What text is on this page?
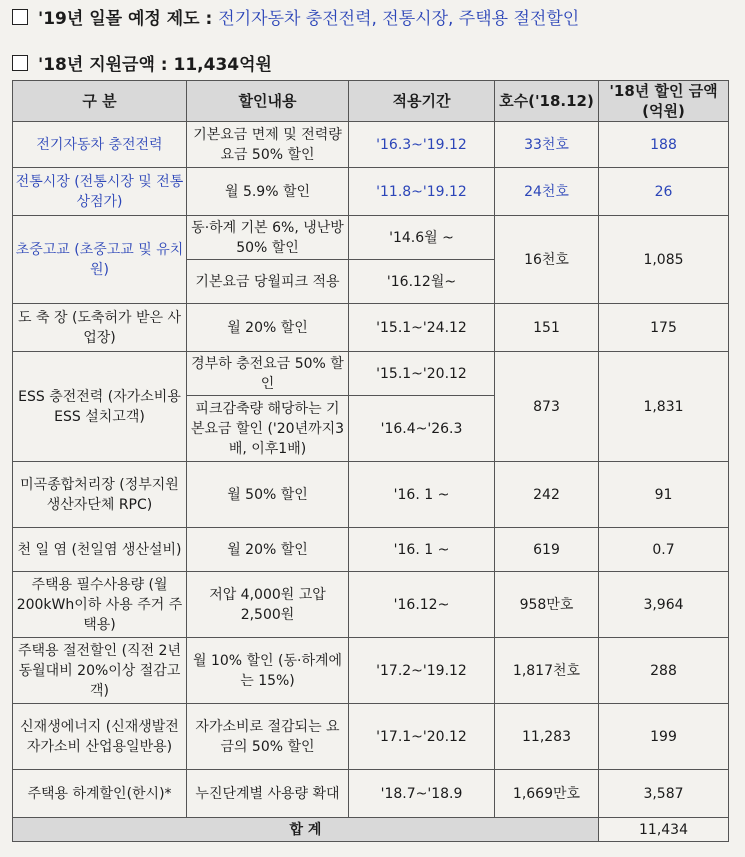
'19년 일몰 예정 제도 : 전기자동차 충전전력, 전통시장, 주택용 절전할인
'18년 지원금액 : 11,434억원
구 분	할인내용	적용기간	호수('18.12)	'18년 할인 금액(억원)
전기자동차 충전전력	기본요금 면제 및 전력량요금 50% 할인	'16.3~'19.12	33천호	188
전통시장 (전통시장 및 전통상점가)	월 5.9% 할인	'11.8~'19.12	24천호	26
초중고교 (초중고교 및 유치원)	동·하계 기본 6%, 냉난방 50% 할인	'14.6월 ~	16천호	1,085
	기본요금 당월피크 적용	'16.12월~		
도 축 장 (도축허가 받은 사업장)	월 20% 할인	'15.1~'24.12	151	175
ESS 충전전력 (자가소비용 ESS 설치고객)	경부하 충전요금 50% 할인	'15.1~'20.12	873	1,831
	피크감축량 해당하는 기본요금 할인 ('20년까지3배, 이후1배)	'16.4~'26.3		
미곡종합처리장 (정부지원 생산자단체 RPC)	월 50% 할인	'16. 1 ~	242	91
천 일 염 (천일염 생산설비)	월 20% 할인	'16. 1 ~	619	0.7
주택용 필수사용량 (월 200kWh이하 사용 주거 주택용)	저압 4,000원 고압 2,500원	'16.12~	958만호	3,964
주택용 절전할인 (직전 2년 동월대비 20%이상 절감고객)	월 10% 할인 (동·하계에는 15%)	'17.2~'19.12	1,817천호	288
신재생에너지 (신재생발전 자가소비 산업용일반용)	자가소비로 절감되는 요금의 50% 할인	'17.1~'20.12	11,283	199
주택용 하계할인(한시)*	누진단계별 사용량 확대	'18.7~'18.9	1,669만호	3,587
합 계				11,434
